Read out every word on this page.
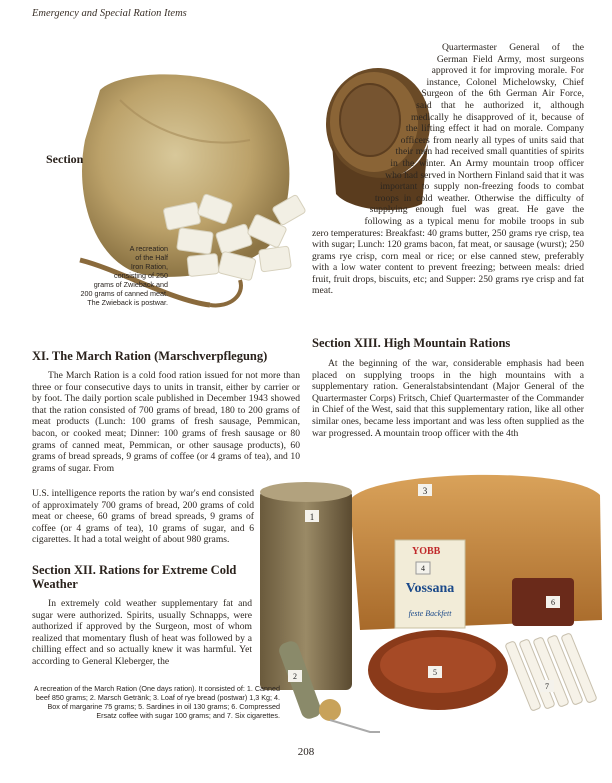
Emergency and Special Ration Items
Section
A recreation
of the Half
Iron Ration,
consisting of 250
grams of Zwieback and
200 grams of canned meat.
The Zwieback is postwar.
Quartermaster General of the German Field Army, most surgeons approved it for improving morale. For instance, Colonel Michelowsky, Chief Surgeon of the 6th German Air Force, said that he authorized it, although medically he disapproved of it, because of the lifting effect it had on morale. Company officers from nearly all types of units said that their men had received small quantities of spirits in the winter. An Army mountain troop officer who had served in Northern Finland said that it was important to supply non-freezing foods to combat troops in cold weather. Otherwise the difficulty of supplying enough fuel was great. He gave the following as a typical menu for mobile troops in sub zero temperatures: Breakfast: 40 grams butter, 250 grams rye crisp, tea with sugar; Lunch: 120 grams bacon, fat meat, or sausage (wurst); 250 grams rye crisp, corn meal or rice; or else canned stew, preferably with a low water content to prevent freezing; between meals: dried fruit, fruit drops, biscuits, etc; and Supper: 250 grams rye crisp and fat meat.
XI. The March Ration (Marschverpflegung)
The March Ration is a cold food ration issued for not more than three or four consecutive days to units in transit, either by carrier or by foot. The daily portion scale published in December 1943 showed that the ration consisted of 700 grams of bread, 180 to 200 grams of meat products (Lunch: 100 grams of fresh sausage, Pemmican, bacon, or cooked meat; Dinner: 100 grams of fresh sausage or 80 grams of canned meat, Pemmican, or other sausage products), 60 grams of bread spreads, 9 grams of coffee (or 4 grams of tea), and 10 grams of sugar. From
U.S. intelligence reports the ration by war's end consisted of approximately 700 grams of bread, 200 grams of cold meat or cheese, 60 grams of bread spreads, 9 grams of coffee (or 4 grams of tea), 10 grams of sugar, and 6 cigarettes. It had a total weight of about 980 grams.
Section XII. Rations for Extreme Cold Weather
In extremely cold weather supplementary fat and sugar were authorized. Spirits, usually Schnapps, were authorized if approved by the Surgeon, most of whom realized that momentary flush of heat was followed by a chilling effect and so actually knew it was harmful. Yet according to General Kleberger, the
Section XIII. High Mountain Rations
At the beginning of the war, considerable emphasis had been placed on supplying troops in the high mountains with a supplementary ration. Generalstabsintendant (Major General of the Quartermaster Corps) Fritsch, Chief Quartermaster of the Commander in Chief of the West, said that this supplementary ration, like all other similar ones, became less important and was less often supplied as the war progressed. A mountain troop officer with the 4th
1
3
YOBB
Vossana
feste Backfett
4
6
5
7
2
A recreation of the March Ration (One days ration). It consisted of: 1. Canned beef 850 grams; 2. Marsch Getränk; 3. Loaf of rye bread (postwar) 1,3 Kg; 4. Box of margarine 75 grams; 5. Sardines in oil 130 grams; 6. Compressed Ersatz coffee with sugar 100 grams; and 7. Six cigarettes.
208
